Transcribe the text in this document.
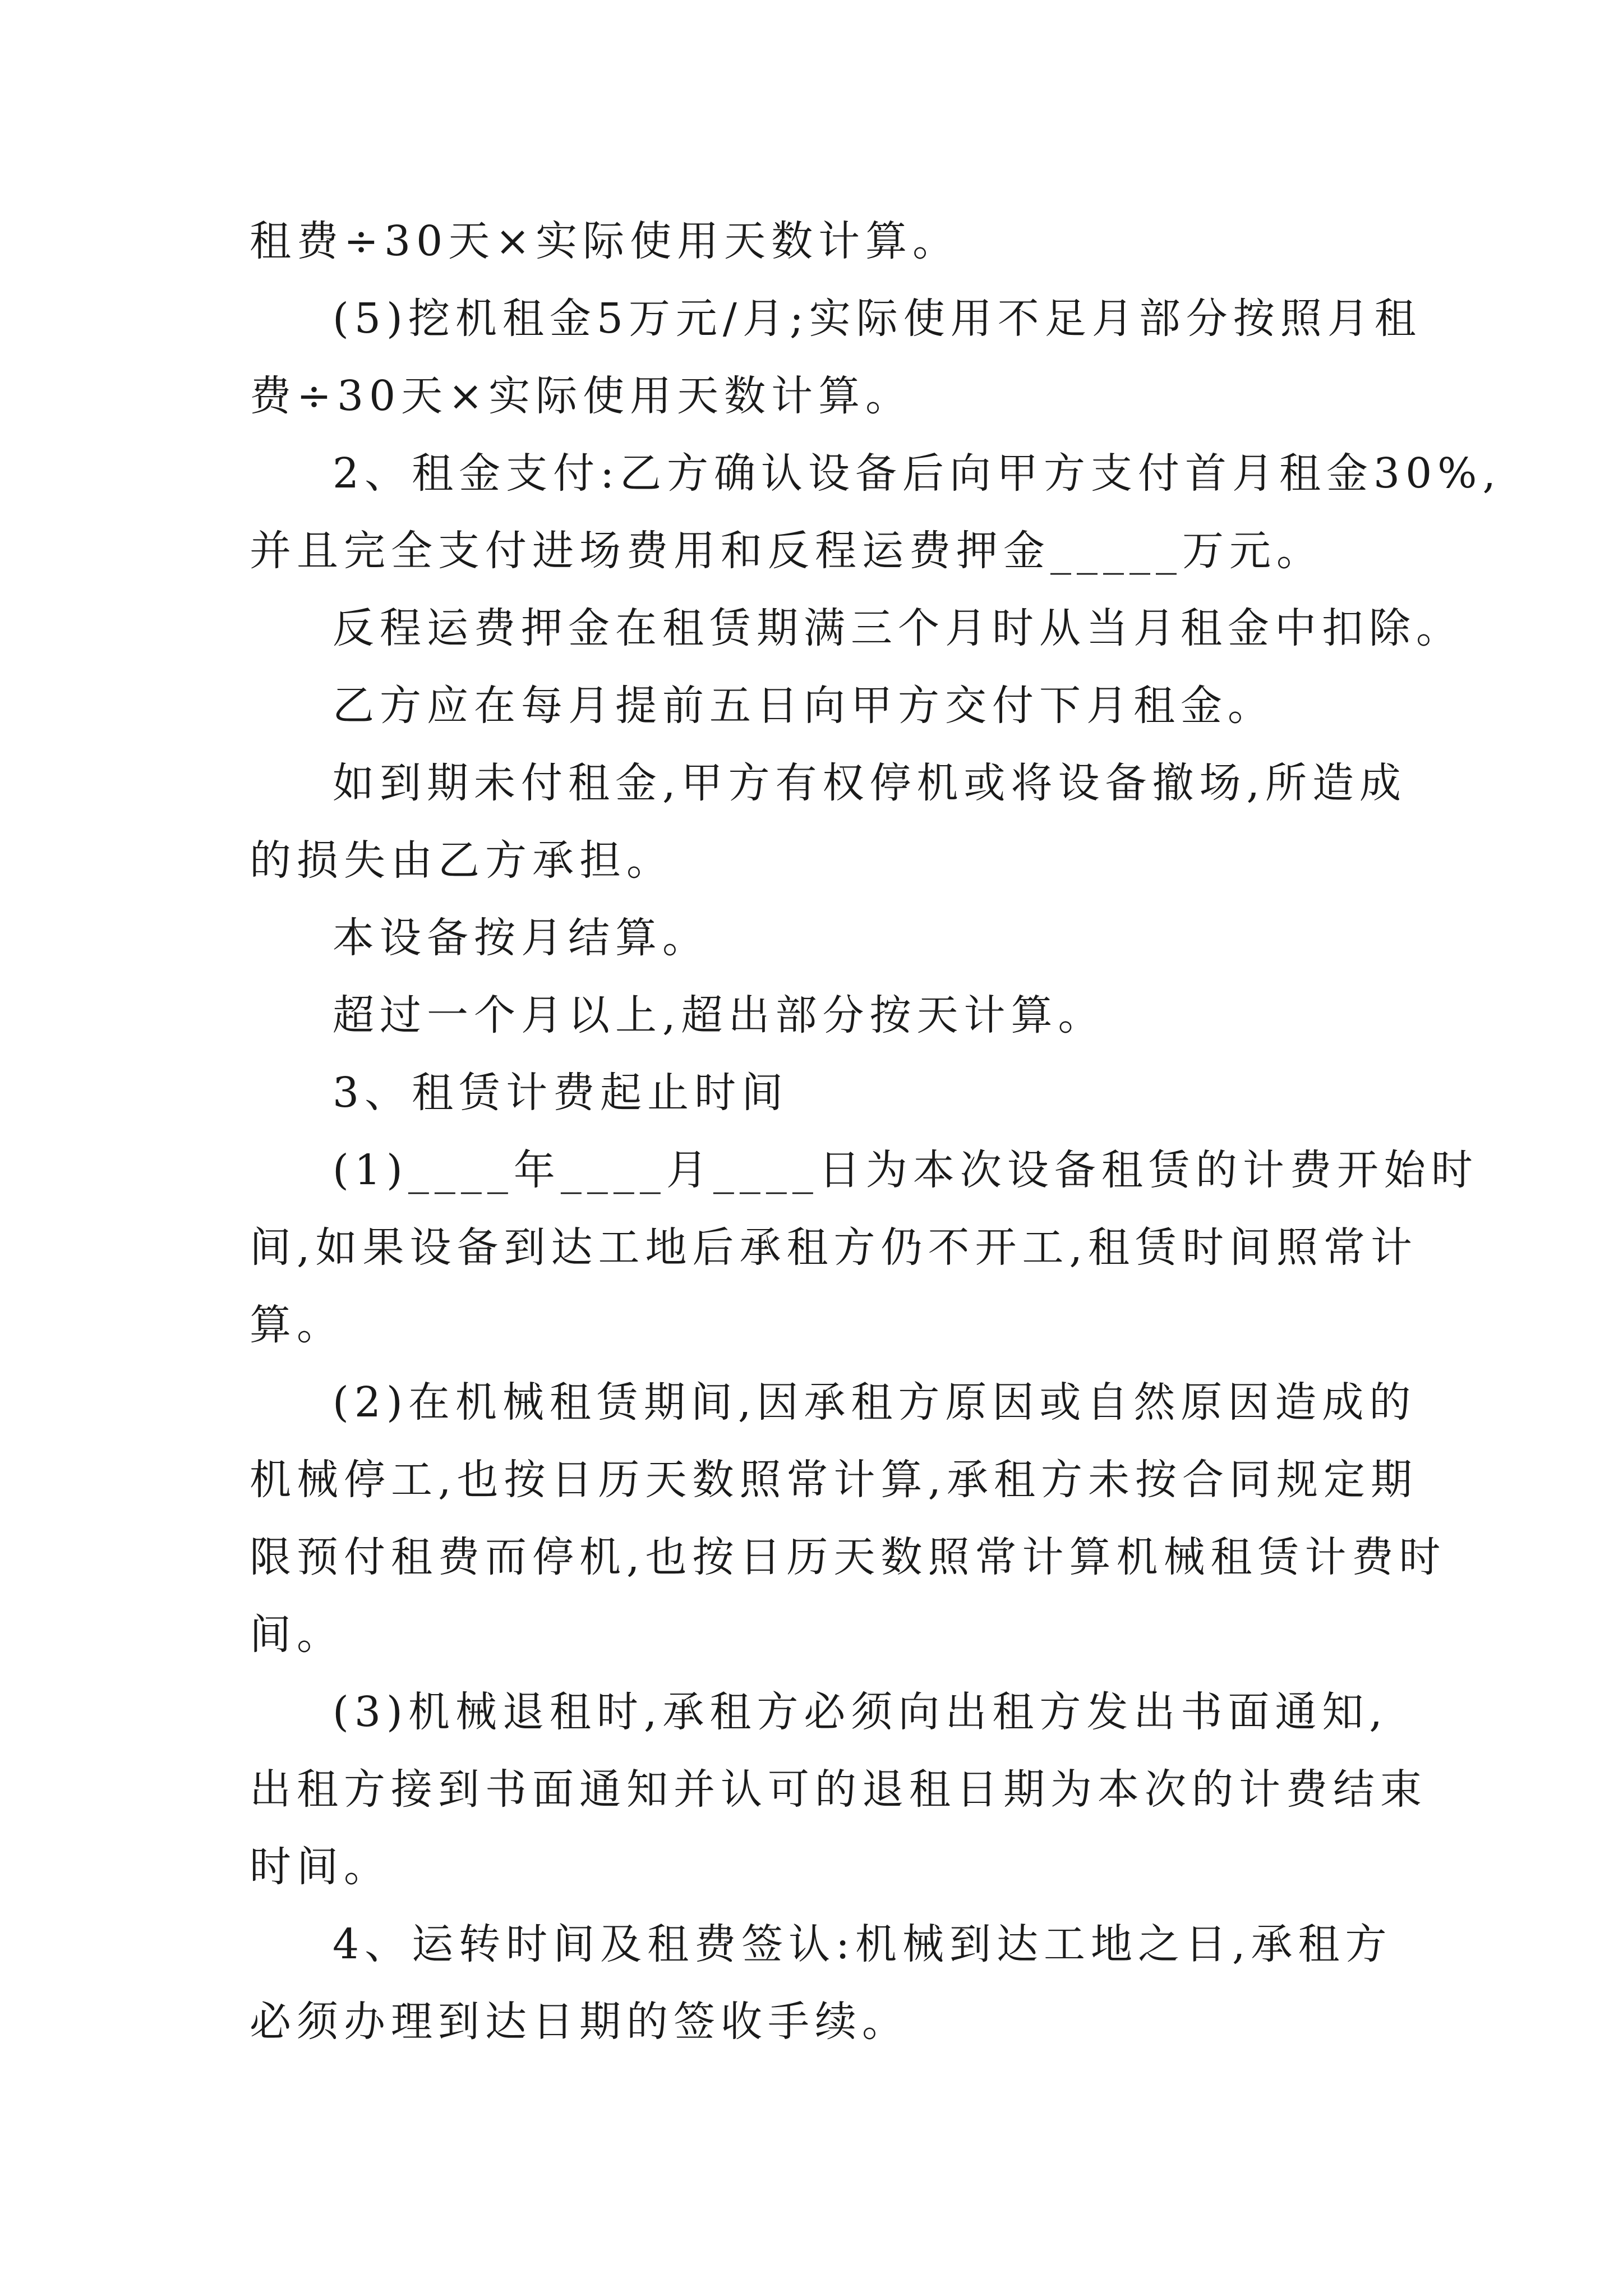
租费÷30天×实际使用天数计算。
(5)挖机租金5万元/月;实际使用不足月部分按照月租
费÷30天×实际使用天数计算。
2、租金支付:乙方确认设备后向甲方支付首月租金30%,
并且完全支付进场费用和反程运费押金_____万元。
反程运费押金在租赁期满三个月时从当月租金中扣除。
乙方应在每月提前五日向甲方交付下月租金。
如到期未付租金,甲方有权停机或将设备撤场,所造成
的损失由乙方承担。
本设备按月结算。
超过一个月以上,超出部分按天计算。
3、租赁计费起止时间
(1)____年____月____日为本次设备租赁的计费开始时
间,如果设备到达工地后承租方仍不开工,租赁时间照常计
算。
(2)在机械租赁期间,因承租方原因或自然原因造成的
机械停工,也按日历天数照常计算,承租方未按合同规定期
限预付租费而停机,也按日历天数照常计算机械租赁计费时
间。
(3)机械退租时,承租方必须向出租方发出书面通知,
出租方接到书面通知并认可的退租日期为本次的计费结束
时间。
4、运转时间及租费签认:机械到达工地之日,承租方
必须办理到达日期的签收手续。
